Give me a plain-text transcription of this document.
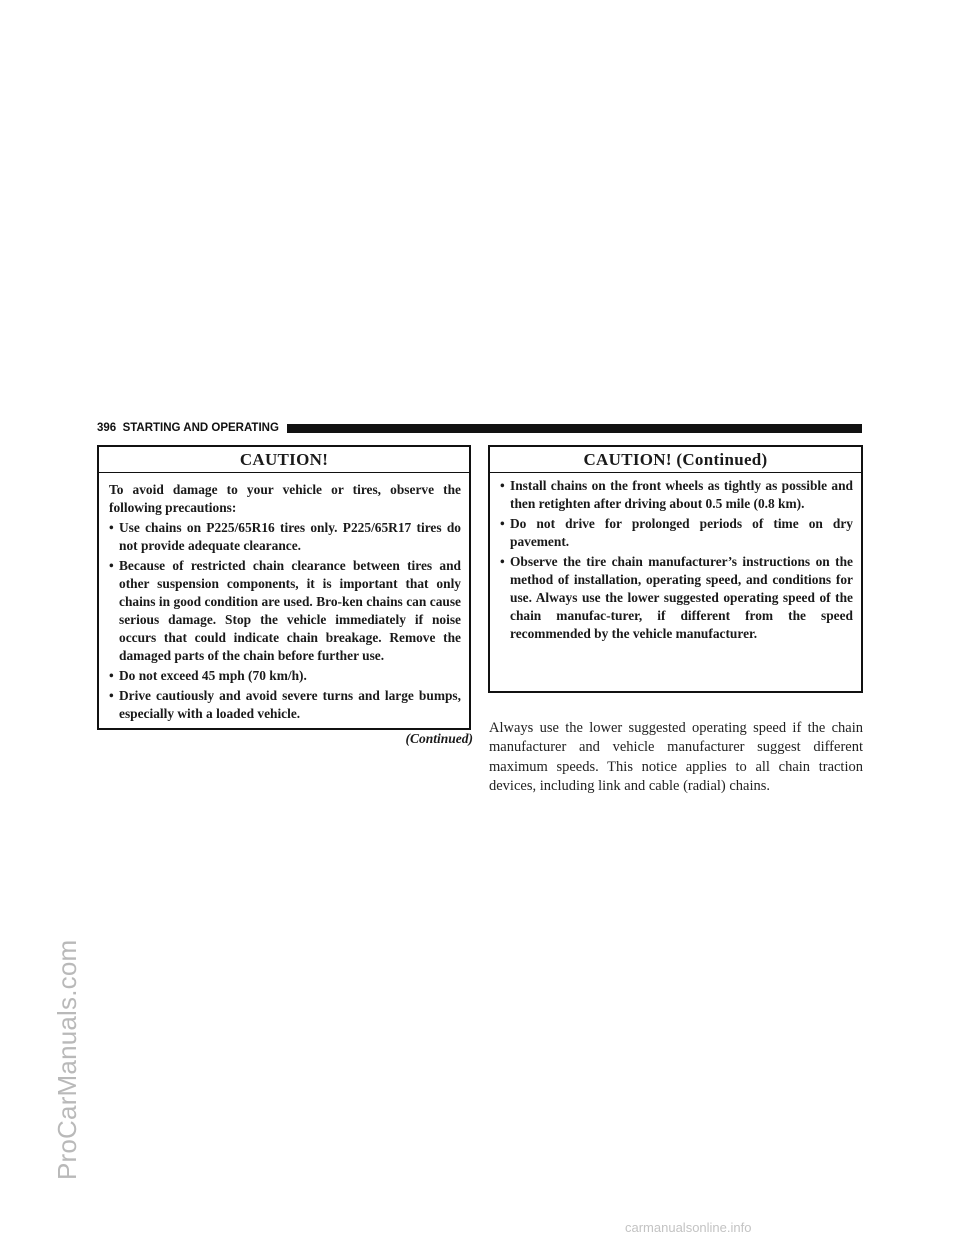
ProCarManuals.com
396 STARTING AND OPERATING
CAUTION!

To avoid damage to your vehicle or tires, observe the following precautions:

• Use chains on P225/65R16 tires only. P225/65R17 tires do not provide adequate clearance.
• Because of restricted chain clearance between tires and other suspension components, it is important that only chains in good condition are used. Bro-ken chains can cause serious damage. Stop the vehicle immediately if noise occurs that could indicate chain breakage. Remove the damaged parts of the chain before further use.
• Do not exceed 45 mph (70 km/h).
• Drive cautiously and avoid severe turns and large bumps, especially with a loaded vehicle.
(Continued)
CAUTION! (Continued)
• Install chains on the front wheels as tightly as possible and then retighten after driving about 0.5 mile (0.8 km).
• Do not drive for prolonged periods of time on dry pavement.
• Observe the tire chain manufacturer’s instructions on the method of installation, operating speed, and conditions for use. Always use the lower suggested operating speed of the chain manufac-turer, if different from the speed recommended by the vehicle manufacturer.

Always use the lower suggested operating speed if the chain manufacturer and vehicle manufacturer suggest different maximum speeds. This notice applies to all chain traction devices, including link and cable (radial) chains.

carmanualsonline.info
